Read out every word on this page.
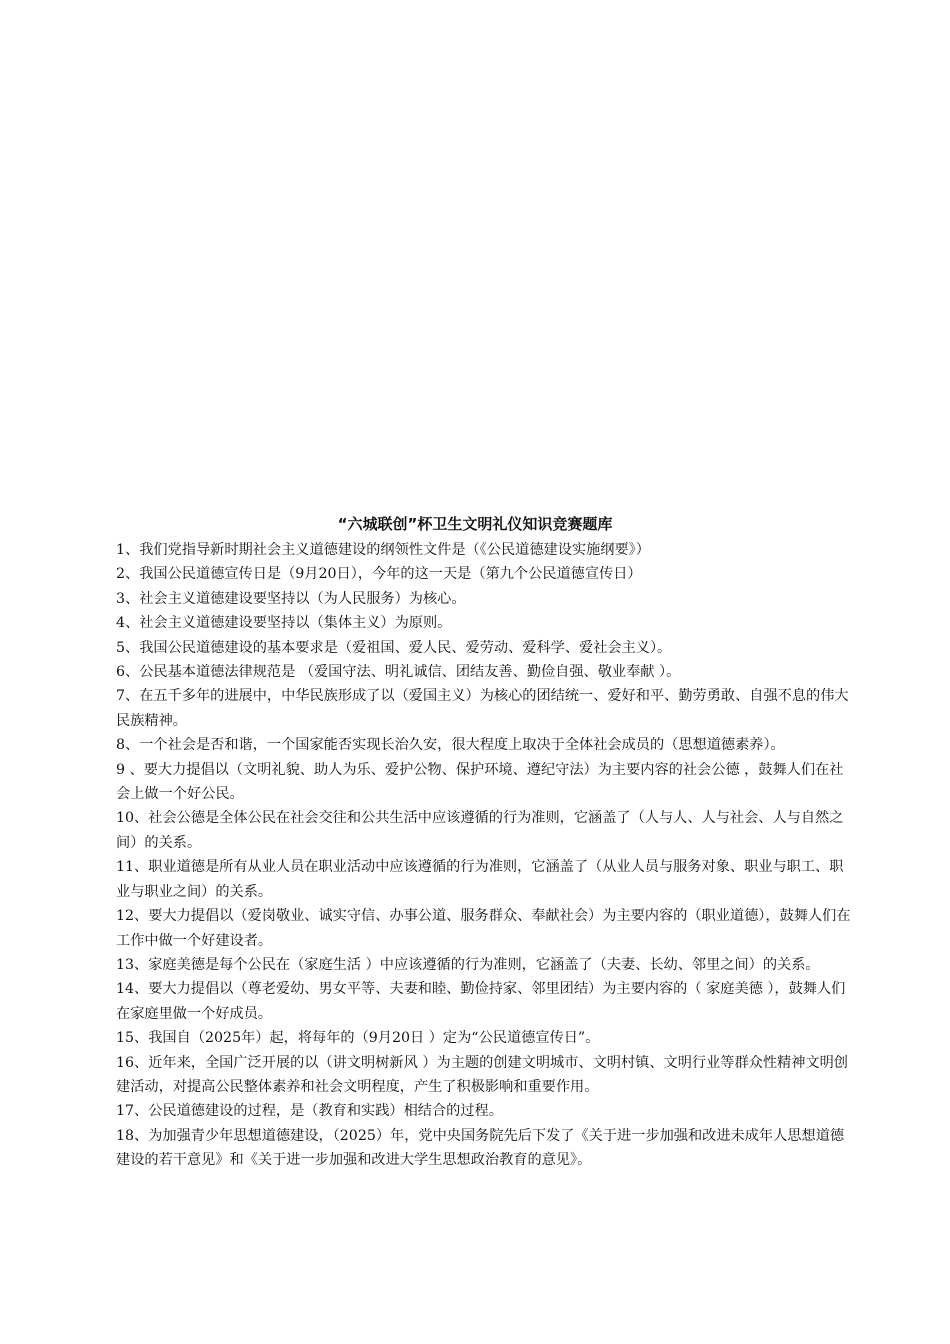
“六城联创”杯卫生文明礼仪知识竞赛题库
1、我们党指导新时期社会主义道德建设的纲领性文件是（《公民道德建设实施纲要》）
2、我国公民道德宣传日是（9月20日），今年的这一天是（第九个公民道德宣传日）
3、社会主义道德建设要坚持以（为人民服务）为核心。
4、社会主义道德建设要坚持以（集体主义）为原则。
5、我国公民道德建设的基本要求是（爱祖国、爱人民、爱劳动、爱科学、爱社会主义）。
6、公民基本道德法律规范是 （爱国守法、明礼诚信、团结友善、勤俭自强、敬业奉献 ）。
7、在五千多年的进展中，中华民族形成了以（爱国主义）为核心的团结统一、爱好和平、勤劳勇敢、自强不息的伟大民族精神。
8、一个社会是否和谐，一个国家能否实现长治久安，很大程度上取决于全体社会成员的（思想道德素养）。
9 、要大力提倡以（文明礼貌、助人为乐、爱护公物、保护环境、遵纪守法）为主要内容的社会公德 ，鼓舞人们在社会上做一个好公民。
10、社会公德是全体公民在社会交往和公共生活中应该遵循的行为准则，它涵盖了（人与人、人与社会、人与自然之间）的关系。
11、职业道德是所有从业人员在职业活动中应该遵循的行为准则，它涵盖了（从业人员与服务对象、职业与职工、职业与职业之间）的关系。
12、要大力提倡以（爱岗敬业、诚实守信、办事公道、服务群众、奉献社会）为主要内容的（职业道德），鼓舞人们在工作中做一个好建设者。
13、家庭美德是每个公民在（家庭生活 ）中应该遵循的行为准则，它涵盖了（夫妻、长幼、邻里之间）的关系。
14、要大力提倡以（尊老爱幼、男女平等、夫妻和睦、勤俭持家、邻里团结）为主要内容的（ 家庭美德 ），鼓舞人们在家庭里做一个好成员。
15、我国自（2025年）起，将每年的（9月20日 ）定为“公民道德宣传日”。
16、近年来，全国广泛开展的以（讲文明树新风 ）为主题的创建文明城市、文明村镇、文明行业等群众性精神文明创建活动，对提高公民整体素养和社会文明程度，产生了积极影响和重要作用。
17、公民道德建设的过程，是（教育和实践）相结合的过程。
18、为加强青少年思想道德建设，（2025）年，党中央国务院先后下发了《关于进一步加强和改进未成年人思想道德建设的若干意见》和《关于进一步加强和改进大学生思想政治教育的意见》。
